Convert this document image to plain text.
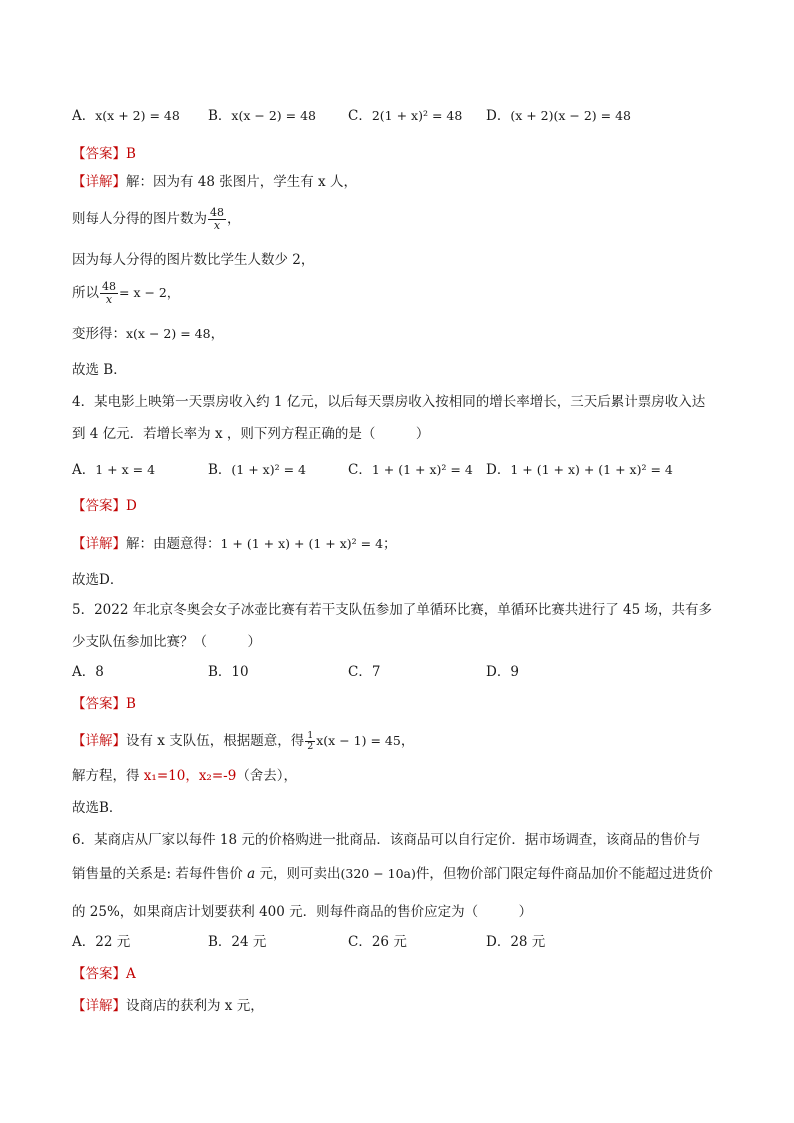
A．x(x + 2) = 48 B．x(x − 2) = 48 C．2(1 + x)² = 48 D．(x + 2)(x − 2) = 48
【答案】B
【详解】解：因为有 48 张图片，学生有 x 人，
则每人分得的图片数为 $\frac{48}{x}$ ，
因为每人分得的图片数比学生人数少 2，
所以 $\frac{48}{x} = x - 2$，
变形得：x(x − 2) = 48，
故选 B．
4．某电影上映第一天票房收入约 1 亿元，以后每天票房收入按相同的增长率增长，三天后累计票房收入达
到 4 亿元．若增长率为 x ，则下列方程正确的是（　　　）
A．1 + x = 4	B．(1 + x)² = 4	C．1 + (1 + x)² = 4 D．1 + (1 + x) + (1 + x)² = 4
【答案】D
【详解】解：由题意得：1 + (1 + x) + (1 + x)² = 4；
故选D．
5．2022 年北京冬奥会女子冰壶比赛有若干支队伍参加了单循环比赛，单循环比赛共进行了 45 场，共有多
少支队伍参加比赛？（　　　）
A．8	B．10	C．7	D．9
【答案】B
【详解】设有 x 支队伍，根据题意，得 $\frac{1}{2} x(x - 1) = 45$，
解方程，得 x₁=10，x₂=-9（舍去），
故选B．
6．某商店从厂家以每件 18 元的价格购进一批商品．该商品可以自行定价．据市场调查，该商品的售价与
销售量的关系是: 若每件售价 a 元，则可卖出(320 − 10a)件，但物价部门限定每件商品加价不能超过进货价
的 25%，如果商店计划要获利 400 元．则每件商品的售价应定为（　　　）
A．22 元	B．24 元	C．26 元	D．28 元
【答案】A
【详解】设商店的获利为 x 元，
